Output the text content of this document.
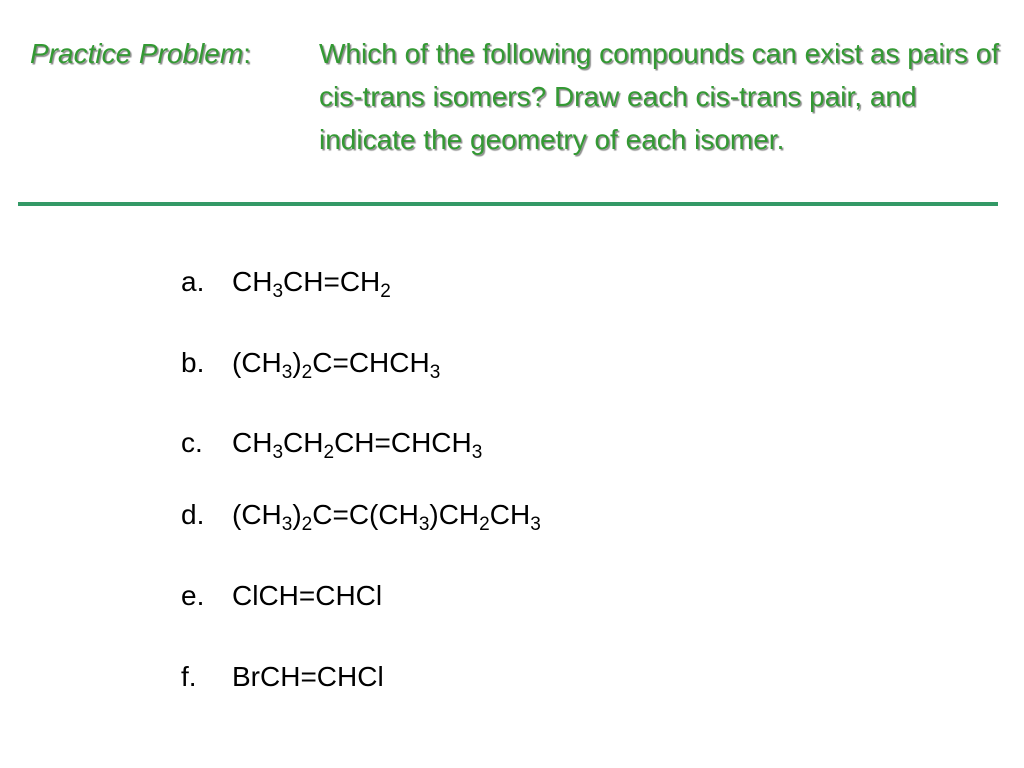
Practice Problem: Which of the following compounds can exist as pairs of cis-trans isomers? Draw each cis-trans pair, and indicate the geometry of each isomer.
a. $CH_3CH=CH_2$
b. $(CH_3)_2C=CHCH_3$
c. $CH_3CH_2CH=CHCH_3$
d. $(CH_3)_2C=C(CH_3)CH_2CH_3$
e. ClCH=CHCl
f. BrCH=CHCl
